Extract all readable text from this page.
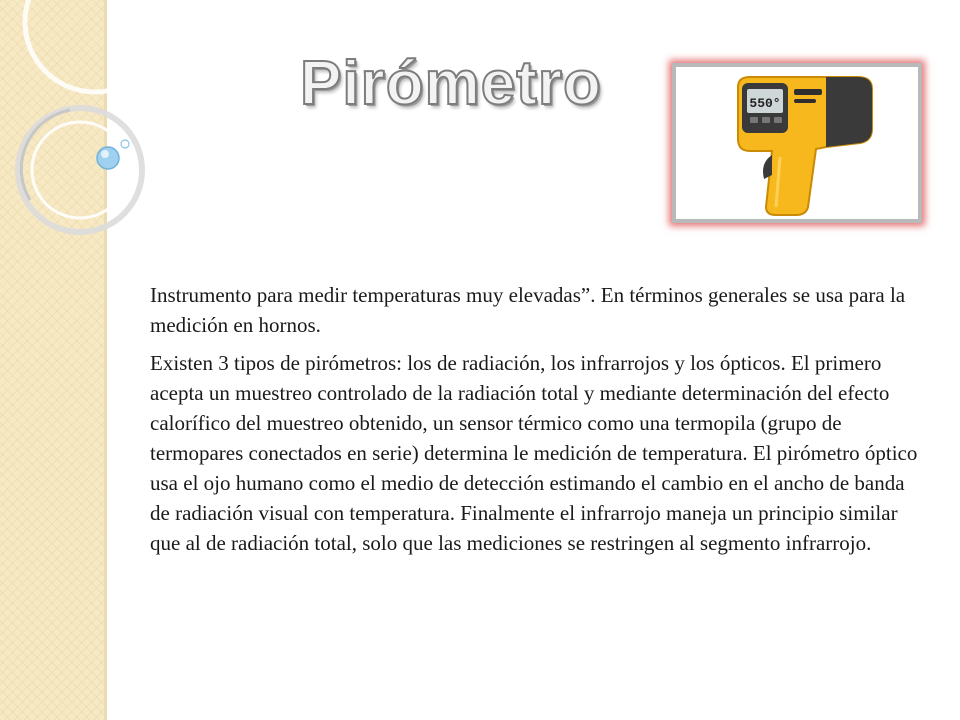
Pirómetro	550°

Instrumento para medir temperaturas muy elevadas”. En términos generales se usa para la medición en hornos.

Existen 3 tipos de pirómetros: los de radiación, los infrarrojos y los ópticos. El primero acepta un muestreo controlado de la radiación total y mediante determinación del efecto calorífico del muestreo obtenido, un sensor térmico como una termopila (grupo de termopares conectados en serie) determina le medición de temperatura. El pirómetro óptico usa el ojo humano como el medio de detección estimando el cambio en el ancho de banda de radiación visual con temperatura. Finalmente el infrarrojo maneja un principio similar que al de radiación total, solo que las mediciones se restringen al segmento infrarrojo.
